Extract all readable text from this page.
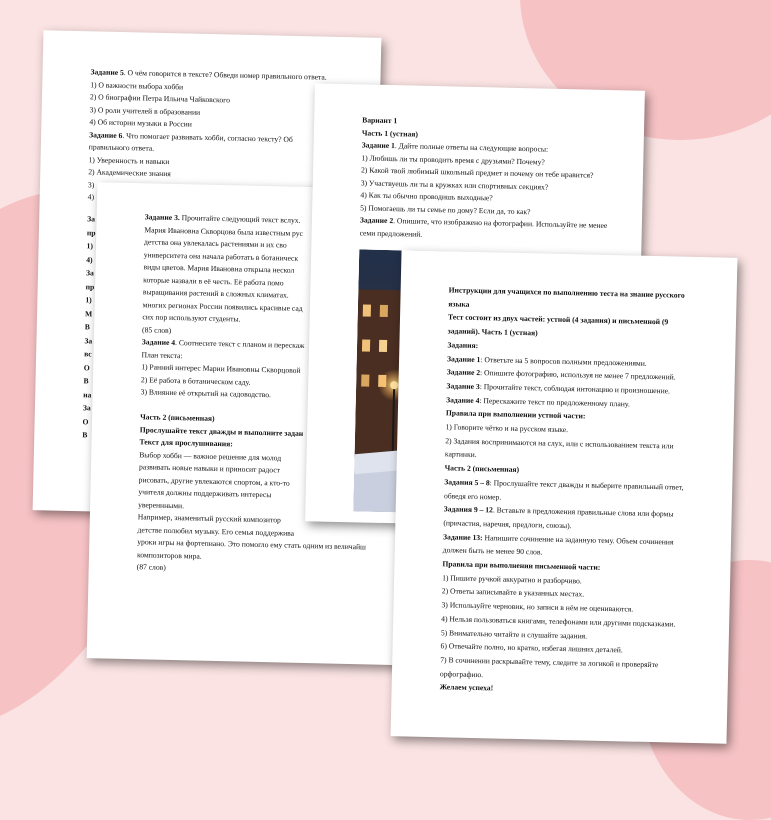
Задание 5. О чём говорится в тексте? Обведи номер правильного ответа.

1) О важности выбора хобби

2) О биографии Петра Ильича Чайковского

3) О роли учителей в образовании

4) Об истории музыки в России

Задание 6. Что помогает развивать хобби, согласно тексту? Об

правильного ответа.

1) Уверенность и навыки

2) Академические знания

3)

4)

За

пр

1)

4)

За

пр

1)

М

В

За

вс

О

В

на

За

О

В

Задание 3. Прочитайте следующий текст вслух.

Мария Ивановна Скворцова была известным рус

детства она увлекалась растениями и их сво

университета она начала работать в ботаническ

виды цветов. Мария Ивановна открыла нескол

которые назвали в её честь. Её работа помо

выращивания растений в сложных климатах.

многих регионах России появились красивые сад

сих пор используют студенты.

(85 слов)

Задание 4. Соотнесите текст с планом и перескаж

План текста:

1) Ранний интерес Марии Ивановны Скворцовой

2) Её работа в ботаническом саду.

3) Влияние её открытий на садоводство.

Часть 2 (письменная)

Прослушайте текст дважды и выполните задан

Текст для прослушивания:

Выбор хобби — важное решение для молод

развивать новые навыки и приносит радост

рисовать, другие увлекаются спортом, а кто-то

учителя должны поддерживать интересы

увереннными.

Например, знаменитый русский композитор

детстве полюбил музыку. Его семья поддержива

уроки игры на фортепиано. Это помогло ему стать одним из величайш

композиторов мира.

(87 слов)

Вариант 1

Часть 1 (устная)

Задание 1. Дайте полные ответы на следующие вопросы:

1) Любишь ли ты проводить время с друзьями? Почему?

2) Какой твой любимый школьный предмет и почему он тебе нравится?

3) Участвуешь ли ты в кружках или спортивных секциях?

4) Как ты обычно проводишь выходные?

5) Помогаешь ли ты семье по дому? Если да, то как?

Задание 2. Опишите, что изображено на фотографии. Используйте не менее

семи предложений.

Инструкции для учащихся по выполнению теста на знание русского

языка

Тест состоит из двух частей: устной (4 задания) и письменной (9

заданий). Часть 1 (устная)

Задания:

Задание 1: Ответьте на 5 вопросов полными предложениями.

Задание 2: Опишите фотографию, используя не менее 7 предложений.

Задание 3: Прочитайте текст, соблюдая интонацию и произношение.

Задание 4: Перескажите текст по предложенному плану.

Правила при выполнении устной части:

1) Говорите чётко и на русском языке.

2) Задания воспринимаются на слух, или с использованием текста или

картинки.

Часть 2 (письменная)

Задания 5 – 8: Прослушайте текст дважды и выберите правильный ответ,

обведя его номер.

Задания 9 – 12. Вставьте в предложения правильные слова или формы

(причастия, наречия, предлоги, союзы).

Задание 13: Напишите сочинение на заданную тему. Объем сочинения

должен быть не менее 90 слов.

Правила при выполнении письменной части:

1) Пишите ручкой аккуратно и разборчиво.

2) Ответы записывайте в указанных местах.

3) Используйте черновик, но записи в нём не оцениваются.

4) Нельзя пользоваться книгами, телефонами или другими подсказками.

5) Внимательно читайте и слушайте задания.

6) Отвечайте полно, но кратко, избегая лишних деталей.

7) В сочинении раскрывайте тему, следите за логикой и проверяйте

орфографию.

Желаем успеха!
